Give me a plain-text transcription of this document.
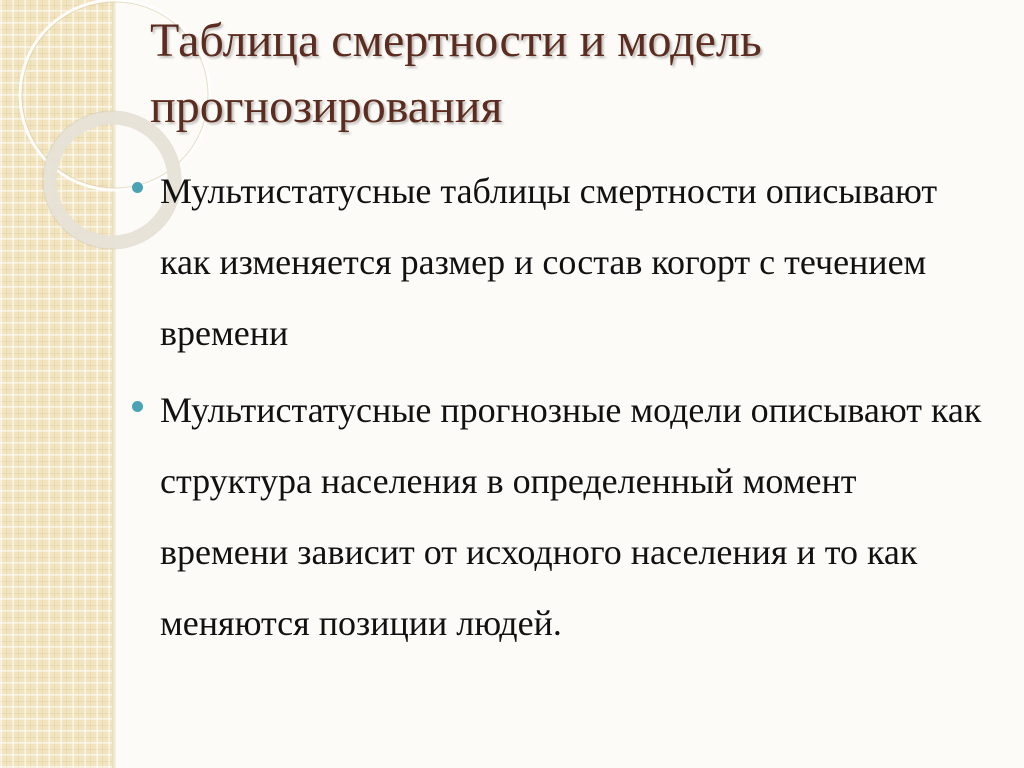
Таблица смертности и модель прогнозирования
Мультистатусные таблицы смертности описывают как изменяется размер и состав когорт с течением времени
Мультистатусные прогнозные модели описывают как структура населения в определенный момент времени зависит от исходного населения и то как меняются позиции людей.
